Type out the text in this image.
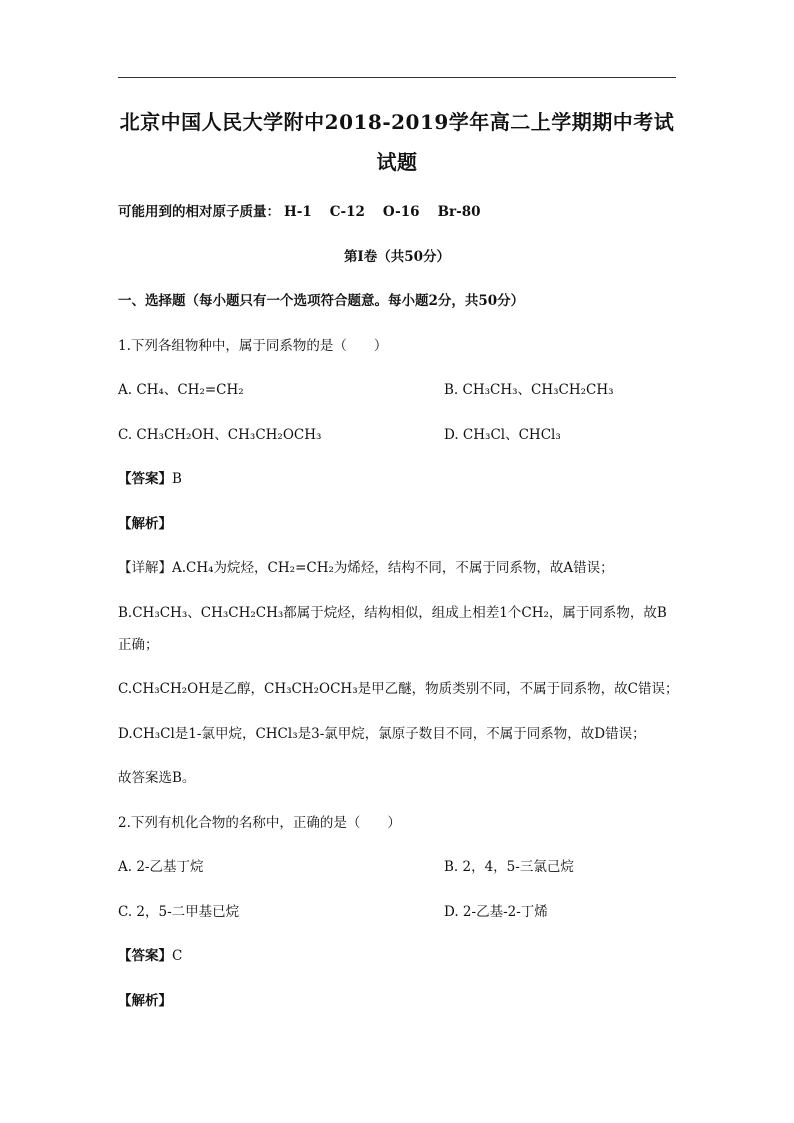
北京中国人民大学附中2018-2019学年高二上学期期中考试
试题
可能用到的相对原子质量： H-1 C-12 O-16 Br-80
第Ⅰ卷（共50分）
一、选择题（每小题只有一个选项符合题意。每小题2分，共50分）
1.下列各组物种中，属于同系物的是（　　）
A. CH₄、CH₂=CH₂	B. CH₃CH₃、CH₃CH₂CH₃
C. CH₃CH₂OH、CH₃CH₂OCH₃	D. CH₃Cl、CHCl₃
【答案】B
【解析】
【详解】A.CH₄为烷烃，CH₂=CH₂为烯烃，结构不同，不属于同系物，故A错误；
B.CH₃CH₃、CH₃CH₂CH₃都属于烷烃，结构相似，组成上相差1个CH₂，属于同系物，故B
正确；
C.CH₃CH₂OH是乙醇，CH₃CH₂OCH₃是甲乙醚，物质类别不同，不属于同系物，故C错误；
D.CH₃Cl是1-氯甲烷，CHCl₃是3-氯甲烷，氯原子数目不同，不属于同系物，故D错误；
故答案选B。
2.下列有机化合物的名称中，正确的是（　　）
A. 2-乙基丁烷	B. 2，4，5-三氯己烷
C. 2，5-二甲基已烷	D. 2-乙基-2-丁烯
【答案】C
【解析】
